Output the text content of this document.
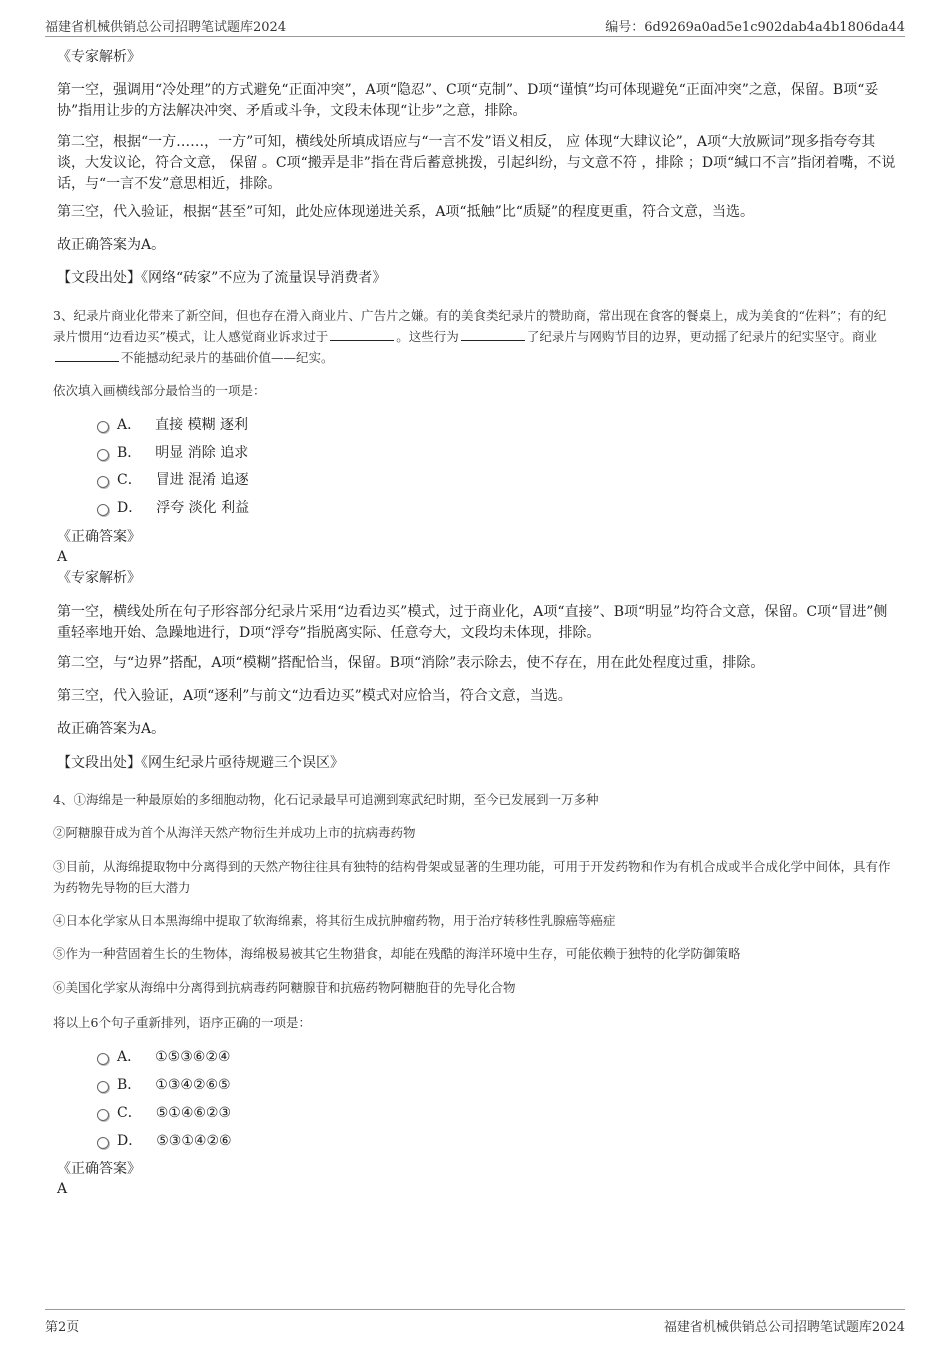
福建省机械供销总公司招聘笔试题库2024	编号：6d9269a0ad5e1c902dab4a4b1806da44

《专家解析》

第一空，强调用“冷处理”的方式避免“正面冲突”，A项“隐忍”、C项“克制”、D项“谨慎”均可体现避免“正面冲突”之意，保留。B项“妥协”指用让步的方法解决冲突、矛盾或斗争，文段未体现“让步”之意，排除。

第二空，根据“一方……，一方”可知，横线处所填成语应与“一言不发”语义相反， 应 体现“大肆议论”，A项“大放厥词”现多指夸夸其谈，大发议论，符合文意， 保留 。C项“搬弄是非”指在背后蓄意挑拨，引起纠纷，与文意不符 ，排除 ；D项“缄口不言”指闭着嘴，不说话，与“一言不发”意思相近，排除。

第三空，代入验证，根据“甚至”可知，此处应体现递进关系，A项“抵触”比“质疑”的程度更重，符合文意，当选。

故正确答案为A。

【文段出处】《网络“砖家”不应为了流量误导消费者》

3、纪录片商业化带来了新空间，但也存在滑入商业片、广告片之嫌。有的美食类纪录片的赞助商，常出现在食客的餐桌上，成为美食的“佐料”；有的纪录片惯用“边看边买”模式，让人感觉商业诉求过于	。这些行为	了纪录片与网购节目的边界，更动摇了纪录片的纪实坚守。商业不能撼动纪录片的基础价值——纪实。

依次填入画横线部分最恰当的一项是：

A． 直接 模糊 逐利
B． 明显 消除 追求
C． 冒进 混淆 追逐
D． 浮夸 淡化 利益

《正确答案》

A

《专家解析》

第一空，横线处所在句子形容部分纪录片采用“边看边买”模式，过于商业化，A项“直接”、B项“明显”均符合文意，保留。C项“冒进”侧重轻率地开始、急躁地进行，D项“浮夸”指脱离实际、任意夸大，文段均未体现，排除。

第二空，与“边界”搭配，A项“模糊”搭配恰当，保留。B项“消除”表示除去，使不存在，用在此处程度过重，排除。

第三空，代入验证，A项“逐利”与前文“边看边买”模式对应恰当，符合文意，当选。

故正确答案为A。

【文段出处】《网生纪录片亟待规避三个误区》

4、①海绵是一种最原始的多细胞动物，化石记录最早可追溯到寒武纪时期，至今已发展到一万多种

②阿糖腺苷成为首个从海洋天然产物衍生并成功上市的抗病毒药物

③目前，从海绵提取物中分离得到的天然产物往往具有独特的结构骨架或显著的生理功能，可用于开发药物和作为有机合成或半合成化学中间体，具有作为药物先导物的巨大潜力

④日本化学家从日本黑海绵中提取了软海绵素，将其衍生成抗肿瘤药物，用于治疗转移性乳腺癌等癌症

⑤作为一种营固着生长的生物体，海绵极易被其它生物猎食，却能在残酷的海洋环境中生存，可能依赖于独特的化学防御策略

⑥美国化学家从海绵中分离得到抗病毒药阿糖腺苷和抗癌药物阿糖胞苷的先导化合物

将以上6个句子重新排列，语序正确的一项是：

A． ①⑤③⑥②④
B． ①③④②⑥⑤
C． ⑤①④⑥②③
D． ⑤③①④②⑥

《正确答案》

A

第2页	福建省机械供销总公司招聘笔试题库2024
